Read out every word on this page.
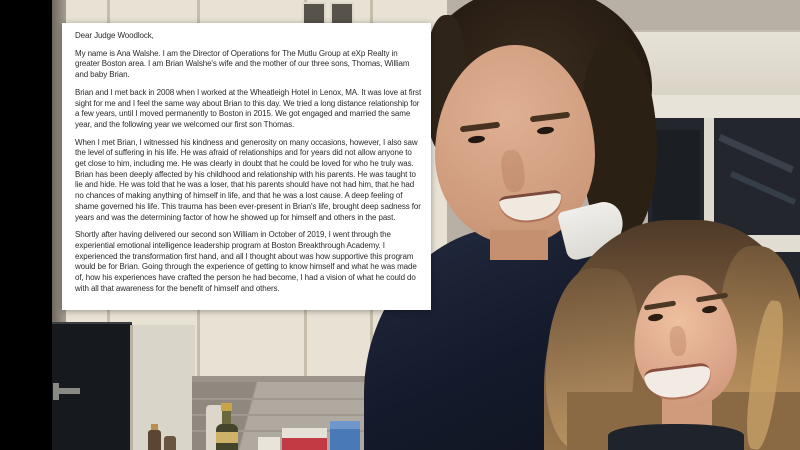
Dear Judge Woodlock,

My name is Ana Walshe. I am the Director of Operations for The Mutlu Group at eXp Realty in greater Boston area. I am Brian Walshe's wife and the mother of our three sons, Thomas, William and baby Brian.

Brian and I met back in 2008 when I worked at the Wheatleigh Hotel in Lenox, MA. It was love at first sight for me and I feel the same way about Brian to this day. We tried a long distance relationship for a few years, until I moved permanently to Boston in 2015. We got engaged and married the same year, and the following year we welcomed our first son Thomas.

When I met Brian, I witnessed his kindness and generosity on many occasions, however, I also saw the level of suffering in his life. He was afraid of relationships and for years did not allow anyone to get close to him, including me. He was clearly in doubt that he could be loved for who he truly was. Brian has been deeply affected by his childhood and relationship with his parents. He was taught to lie and hide. He was told that he was a loser, that his parents should have not had him, that he had no chances of making anything of himself in life, and that he was a lost cause. A deep feeling of shame governed his life. This trauma has been ever-present in Brian's life, brought deep sadness for years and was the determining factor of how he showed up for himself and others in the past.

Shortly after having delivered our second son William in October of 2019, I went through the experiential emotional intelligence leadership program at Boston Breakthrough Academy. I experienced the transformation first hand, and all I thought about was how supportive this program would be for Brian. Going through the experience of getting to know himself and what he was made of, how his experiences have crafted the person he had become, I had a vision of what he could do with all that awareness for the benefit of himself and others.
